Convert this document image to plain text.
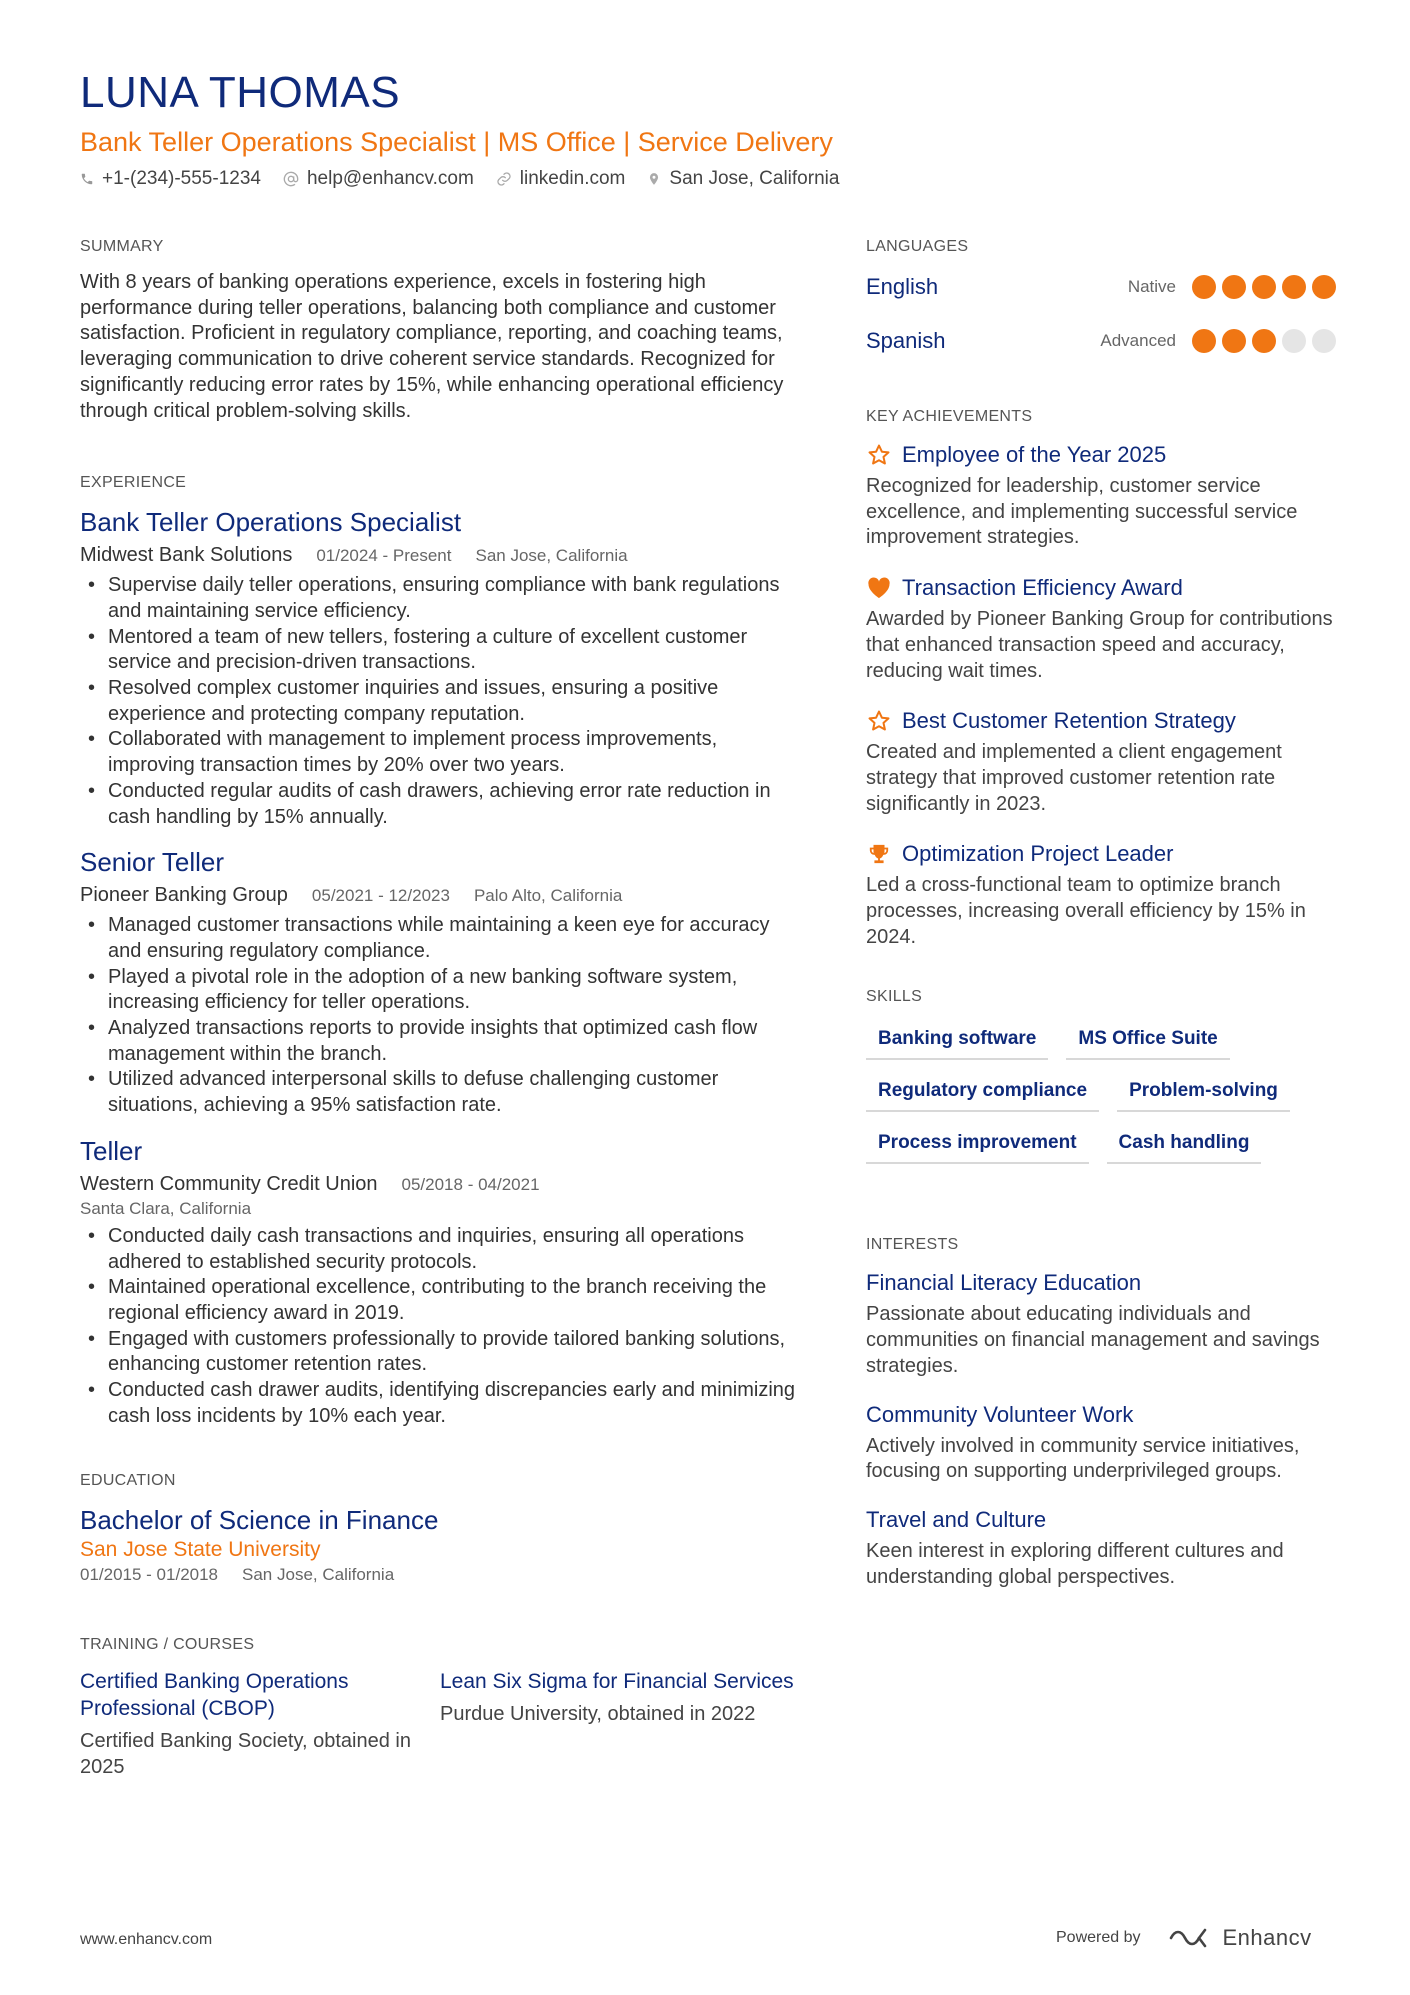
LUNA THOMAS
Bank Teller Operations Specialist | MS Office | Service Delivery
+1-(234)-555-1234 help@enhancv.com linkedin.com San Jose, California
SUMMARY

With 8 years of banking operations experience, excels in fostering high performance during teller operations, balancing both compliance and customer satisfaction. Proficient in regulatory compliance, reporting, and coaching teams, leveraging communication to drive coherent service standards. Recognized for significantly reducing error rates by 15%, while enhancing operational efficiency through critical problem-solving skills.

EXPERIENCE
Bank Teller Operations Specialist
Midwest Bank Solutions 01/2024 - Present San Jose, California
• Supervise daily teller operations, ensuring compliance with bank regulations and maintaining service efficiency.
• Mentored a team of new tellers, fostering a culture of excellent customer service and precision-driven transactions.
• Resolved complex customer inquiries and issues, ensuring a positive experience and protecting company reputation.
• Collaborated with management to implement process improvements, improving transaction times by 20% over two years.
• Conducted regular audits of cash drawers, achieving error rate reduction in cash handling by 15% annually.
Senior Teller
Pioneer Banking Group 05/2021 - 12/2023 Palo Alto, California
• Managed customer transactions while maintaining a keen eye for accuracy and ensuring regulatory compliance.
• Played a pivotal role in the adoption of a new banking software system, increasing efficiency for teller operations.
• Analyzed transactions reports to provide insights that optimized cash flow management within the branch.
• Utilized advanced interpersonal skills to defuse challenging customer situations, achieving a 95% satisfaction rate.
Teller
Western Community Credit Union 05/2018 - 04/2021
Santa Clara, California
• Conducted daily cash transactions and inquiries, ensuring all operations adhered to established security protocols.
• Maintained operational excellence, contributing to the branch receiving the regional efficiency award in 2019.
• Engaged with customers professionally to provide tailored banking solutions, enhancing customer retention rates.
• Conducted cash drawer audits, identifying discrepancies early and minimizing cash loss incidents by 10% each year.
EDUCATION
Bachelor of Science in Finance
San Jose State University
01/2015 - 01/2018 San Jose, California
TRAINING / COURSES
Certified Banking Operations Professional (CBOP)
Certified Banking Society, obtained in 2025
Lean Six Sigma for Financial Services
Purdue University, obtained in 2022
LANGUAGES
English	Native
Spanish	Advanced
KEY ACHIEVEMENTS
Employee of the Year 2025
Recognized for leadership, customer service excellence, and implementing successful service improvement strategies.
Transaction Efficiency Award
Awarded by Pioneer Banking Group for contributions that enhanced transaction speed and accuracy, reducing wait times.
Best Customer Retention Strategy
Created and implemented a client engagement strategy that improved customer retention rate significantly in 2023.
Optimization Project Leader
Led a cross-functional team to optimize branch processes, increasing overall efficiency by 15% in 2024.
SKILLS
Banking software	MS Office Suite
Regulatory compliance	Problem-solving
Process improvement	Cash handling
INTERESTS
Financial Literacy Education
Passionate about educating individuals and communities on financial management and savings strategies.
Community Volunteer Work
Actively involved in community service initiatives, focusing on supporting underprivileged groups.
Travel and Culture
Keen interest in exploring different cultures and understanding global perspectives.
www.enhancv.com	Powered by	Enhancv
